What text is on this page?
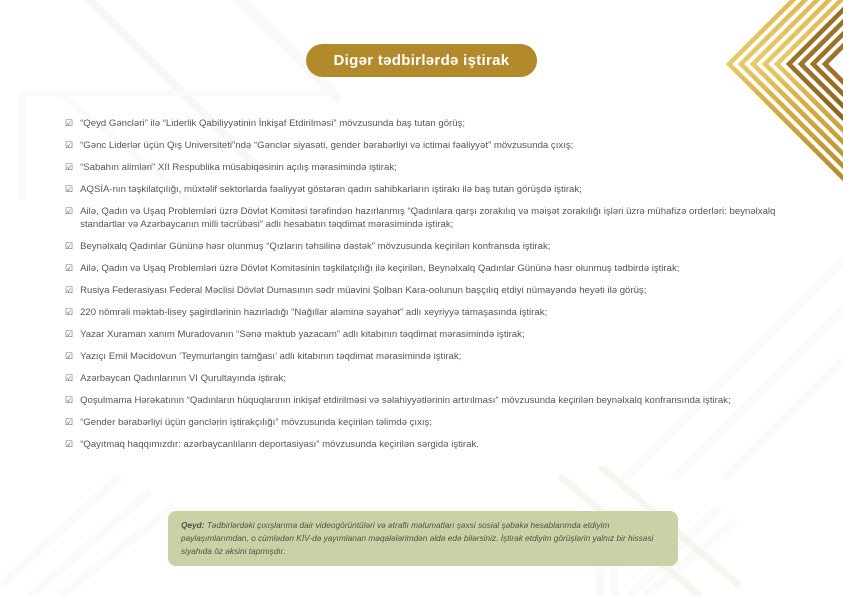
Digər tədbirlərdə iştirak
☑ “Qeyd Gəncləri” ilə “Liderlik Qabiliyyətinin İnkişaf Etdirilməsi” mövzusunda baş tutan görüş;
☑ “Gənc Liderlər üçün Qış Universiteti”ndə “Gənclər siyasəti, gender bərabərliyi və ictimai fəaliyyət” mövzusunda çıxış;
☑ “Sabahın alimləri” XII Respublika müsabiqəsinin açılış mərasimində iştirak;
☑ AQSİA-nın təşkilatçılığı, müxtəlif sektorlarda fəaliyyət göstərən qadın sahibkarların iştirakı ilə baş tutan görüşdə iştirak;
☑ Ailə, Qadın və Uşaq Problemləri üzrə Dövlət Komitəsi tərəfindən hazırlanmış “Qadınlara qarşı zorakılıq və məişət zorakılığı işləri üzrə mühafizə orderləri: beynəlxalq standartlar və Azərbaycanın milli təcrübəsi” adlı hesabatın təqdimat mərasimində iştirak;
☑ Beynəlxalq Qadınlar Gününə həsr olunmuş “Qızların təhsilinə dəstək” mövzusunda keçirilən konfransda iştirak;
☑ Ailə, Qadın və Uşaq Problemləri üzrə Dövlət Komitəsinin təşkilatçılığı ilə keçirilən, Beynəlxalq Qadınlar Gününə həsr olunmuş tədbirdə iştirak;
☑ Rusiya Federasiyası Federal Məclisi Dövlət Dumasının sədr müavini Şolban Kara-oolunun başçılıq etdiyi nümayəndə heyəti ilə görüş;
☑ 220 nömrəli məktəb-lisey şagirdlərinin hazırladığı “Nağıllar aləminə səyahət” adlı xeyriyyə tamaşasında iştirak;
☑ Yazar Xuraman xanım Muradovanın “Sənə məktub yazacam” adlı kitabının təqdimat mərasimində iştirak;
☑ Yazıçı Emil Məcidovun ‘Teymurləngin tamğası’ adlı kitabının təqdimat mərasimində iştirak;
☑ Azərbaycan Qadınlarının VI Qurultayında iştirak;
☑ Qoşulmama Hərəkatının “Qadınların hüquqlarının inkişaf etdirilməsi və səlahiyyətlərinin artırılması” mövzusunda keçirilən beynəlxalq konfransında iştirak;
☑ “Gender bərabərliyi üçün gənclərin iştirakçılığı” mövzusunda keçirilən təlimdə çıxış;
☑ “Qayıtmaq haqqımızdır: azərbaycanlıların deportasiyası” mövzusunda keçirilən sərgidə iştirak.
Qeyd: Tədbirlərdəki çıxışlarıma dair videogörüntüləri və ətraflı məlumatları şəxsi sosial şəbəkə hesablarımda etdiyim paylaşımlarımdan, o cümlədən KİV-də yayımlanan məqalələrimdən əldə edə bilərsiniz. İştirak etdiyim görüşlərin yalnız bir hissəsi siyahıda öz əksini tapmışdır.
